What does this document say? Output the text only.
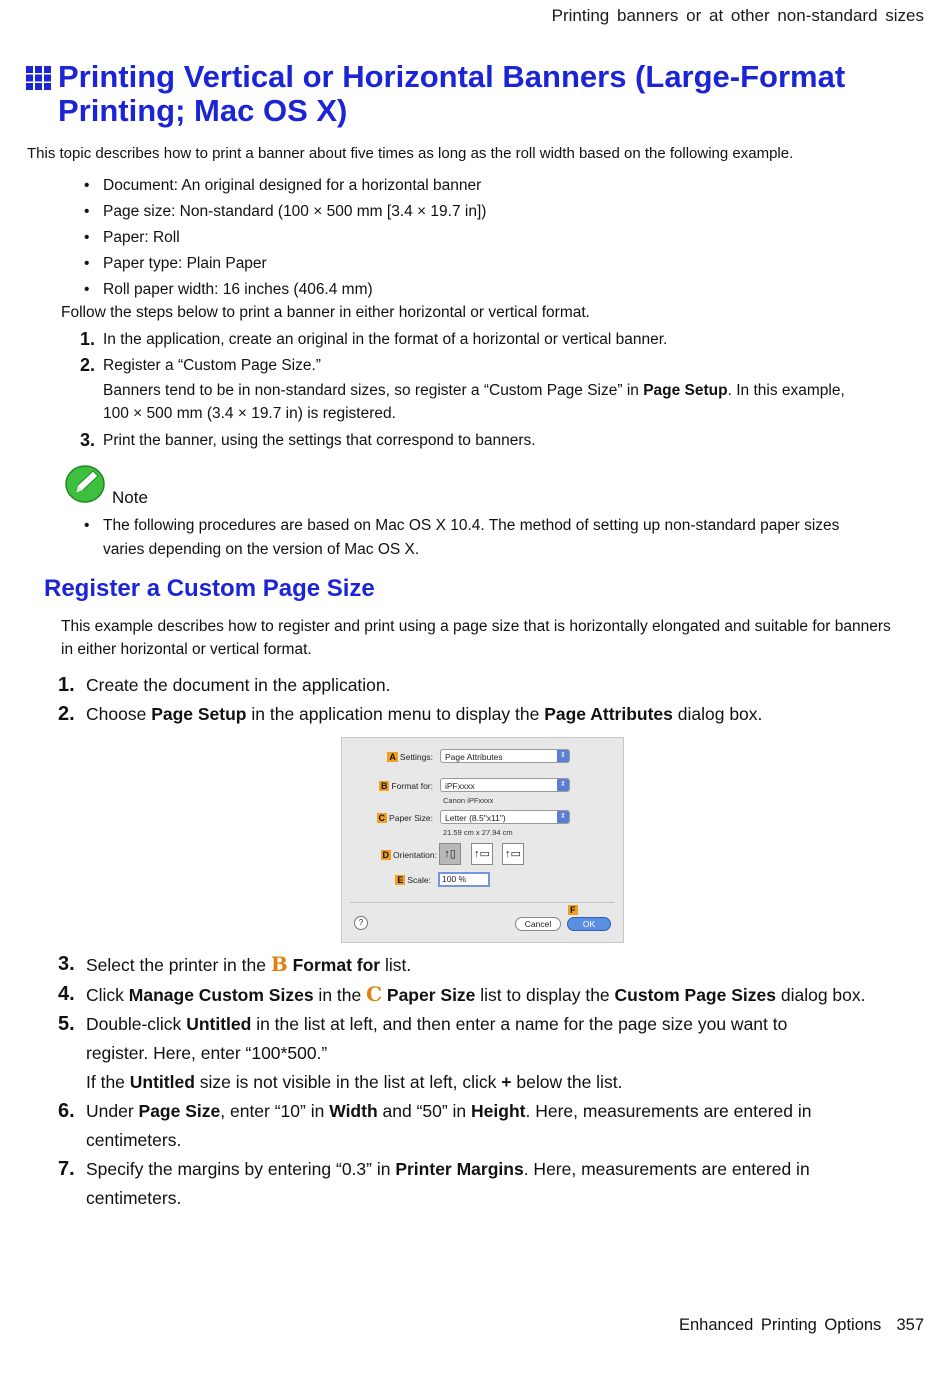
Printing banners or at other non-standard sizes
Printing Vertical or Horizontal Banners (Large-Format Printing; Mac OS X)
This topic describes how to print a banner about five times as long as the roll width based on the following example.
• Document: An original designed for a horizontal banner
• Page size: Non-standard (100 × 500 mm [3.4 × 19.7 in])
• Paper: Roll
• Paper type: Plain Paper
• Roll paper width: 16 inches (406.4 mm)
Follow the steps below to print a banner in either horizontal or vertical format.
1. In the application, create an original in the format of a horizontal or vertical banner.
2. Register a “Custom Page Size.”
Banners tend to be in non-standard sizes, so register a “Custom Page Size” in Page Setup. In this example, 100 × 500 mm (3.4 × 19.7 in) is registered.
3. Print the banner, using the settings that correspond to banners.
Note
• The following procedures are based on Mac OS X 10.4. The method of setting up non-standard paper sizes varies depending on the version of Mac OS X.
Register a Custom Page Size
This example describes how to register and print using a page size that is horizontally elongated and suitable for banners in either horizontal or vertical format.
1. Create the document in the application.
2. Choose Page Setup in the application menu to display the Page Attributes dialog box.
A Settings:	Page Attributes	⇕
B Format for:	iPFxxxx	⇕
Canon iPFxxxx
C Paper Size:	Letter (8.5"x11")	⇕
21.59 cm x 27.94 cm
D Orientation: ↑▯	↑▭ ↑▭
E Scale:	100 %
F
?	Cancel	OK
3. Select the printer in the B Format for list.
4. Click Manage Custom Sizes in the C Paper Size list to display the Custom Page Sizes dialog box.
5. Double-click Untitled in the list at left, and then enter a name for the page size you want to register. Here, enter “100*500.”
If the Untitled size is not visible in the list at left, click + below the list.
6. Under Page Size, enter “10” in Width and “50” in Height. Here, measurements are entered in centimeters.
7. Specify the margins by entering “0.3” in Printer Margins. Here, measurements are entered in centimeters.
Enhanced Printing Options 357
